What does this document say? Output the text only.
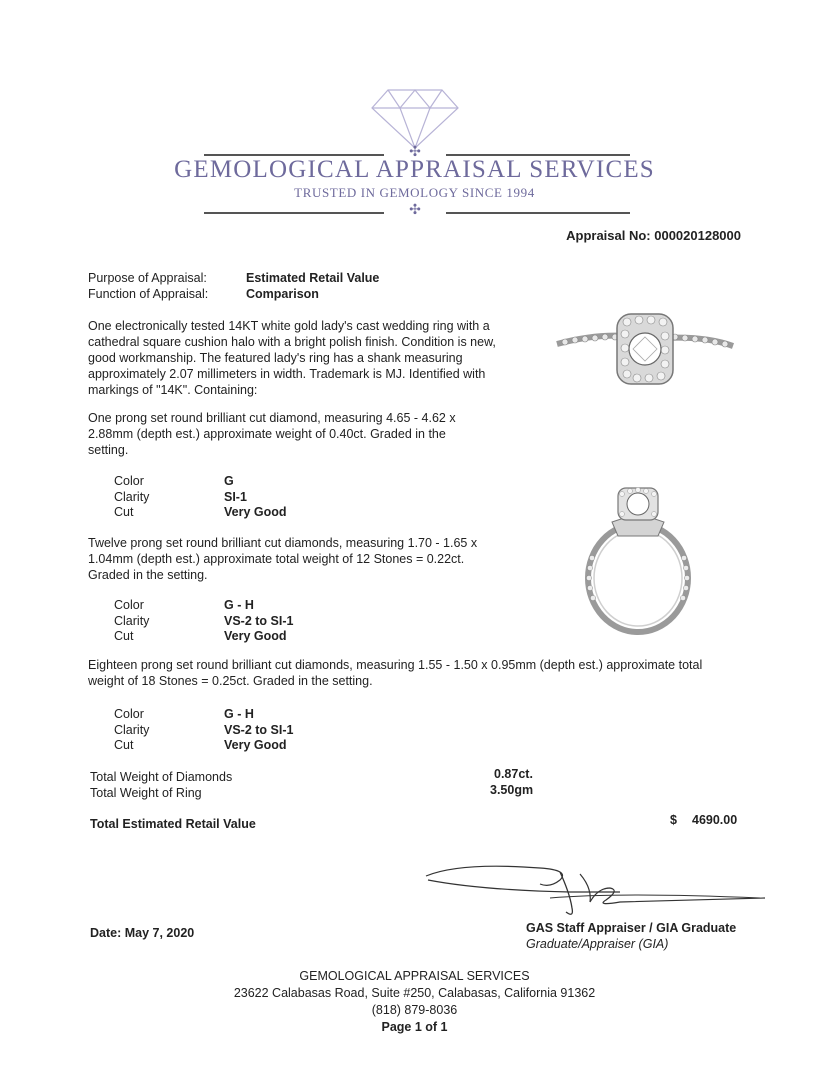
✣
GEMOLOGICAL APPRAISAL SERVICES
TRUSTED IN GEMOLOGY SINCE 1994
✣
Appraisal No: 000020128000
Purpose of Appraisal:	Estimated Retail Value
Function of Appraisal:	Comparison
One electronically tested 14KT white gold lady's cast wedding ring with a cathedral square cushion halo with a bright polish finish. Condition is new, good workmanship. The featured lady's ring has a shank measuring approximately 2.07 millimeters in width. Trademark is MJ. Identified with markings of "14K". Containing:
One prong set round brilliant cut diamond, measuring 4.65 - 4.62 x 2.88mm (depth est.) approximate weight of 0.40ct. Graded in the setting.
Color	G
Clarity	SI-1
Cut	Very Good
Twelve prong set round brilliant cut diamonds, measuring 1.70 - 1.65 x 1.04mm (depth est.) approximate total weight of 12 Stones = 0.22ct. Graded in the setting.
Color	G - H
Clarity	VS-2 to SI-1
Cut	Very Good
Eighteen prong set round brilliant cut diamonds, measuring 1.55 - 1.50 x 0.95mm (depth est.) approximate total weight of 18 Stones = 0.25ct. Graded in the setting.
Color	G - H
Clarity	VS-2 to SI-1
Cut	Very Good
Total Weight of Diamonds	0.87ct.
Total Weight of Ring	3.50gm
Total Estimated Retail Value	$ 4690.00
Date: May 7, 2020	GAS Staff Appraiser / GIA Graduate
Graduate/Appraiser (GIA)
GEMOLOGICAL APPRAISAL SERVICES
23622 Calabasas Road, Suite #250, Calabasas, California 91362
(818) 879-8036
Page 1 of 1
